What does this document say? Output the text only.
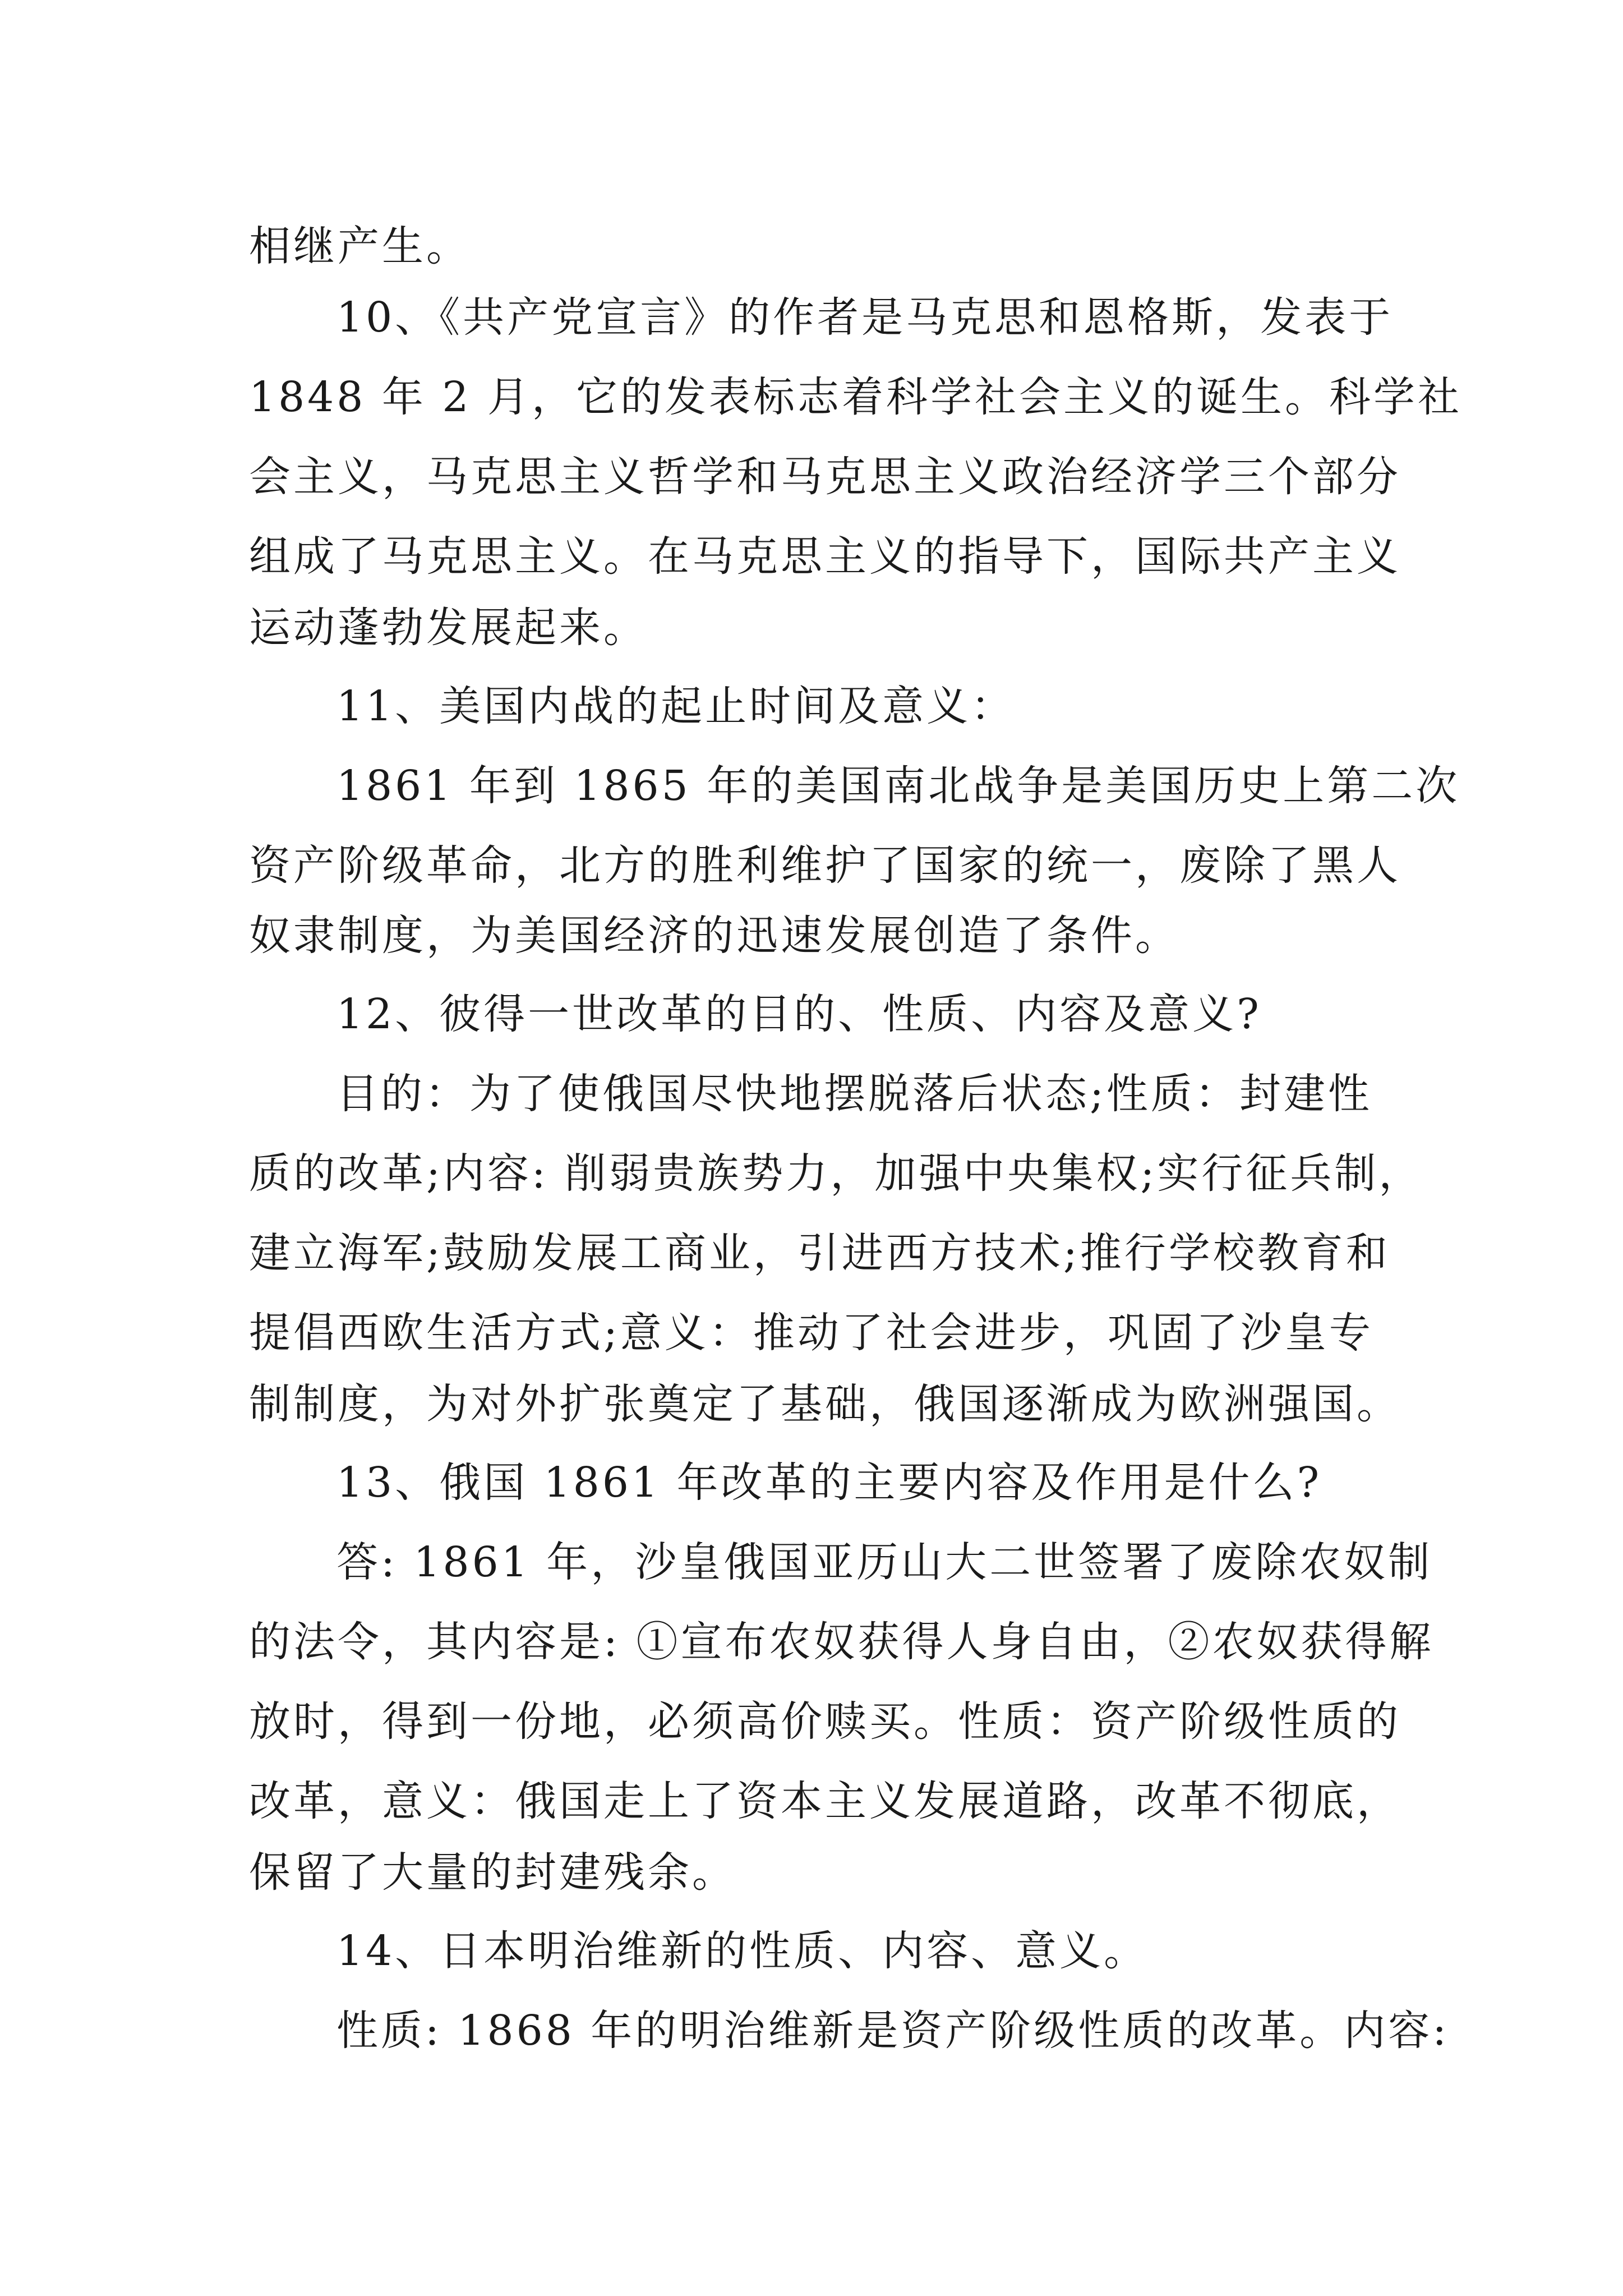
相继产生。
10、《共产党宣言》的作者是马克思和恩格斯，发表于
1848 年 2 月，它的发表标志着科学社会主义的诞生。科学社
会主义，马克思主义哲学和马克思主义政治经济学三个部分
组成了马克思主义。在马克思主义的指导下，国际共产主义
运动蓬勃发展起来。
11、美国内战的起止时间及意义：
1861 年到 1865 年的美国南北战争是美国历史上第二次
资产阶级革命，北方的胜利维护了国家的统一，废除了黑人
奴隶制度，为美国经济的迅速发展创造了条件。
12、彼得一世改革的目的、性质、内容及意义?
目的：为了使俄国尽快地摆脱落后状态;性质：封建性
质的改革;内容: 削弱贵族势力，加强中央集权;实行征兵制，
建立海军;鼓励发展工商业，引进西方技术;推行学校教育和
提倡西欧生活方式;意义：推动了社会进步，巩固了沙皇专
制制度，为对外扩张奠定了基础，俄国逐渐成为欧洲强国。
13、俄国 1861 年改革的主要内容及作用是什么?
答: 1861 年，沙皇俄国亚历山大二世签署了废除农奴制
的法令，其内容是: ①宣布农奴获得人身自由，②农奴获得解
放时，得到一份地，必须高价赎买。性质：资产阶级性质的
改革，意义：俄国走上了资本主义发展道路，改革不彻底，
保留了大量的封建残余。
14、日本明治维新的性质、内容、意义。
性质: 1868 年的明治维新是资产阶级性质的改革。内容:
